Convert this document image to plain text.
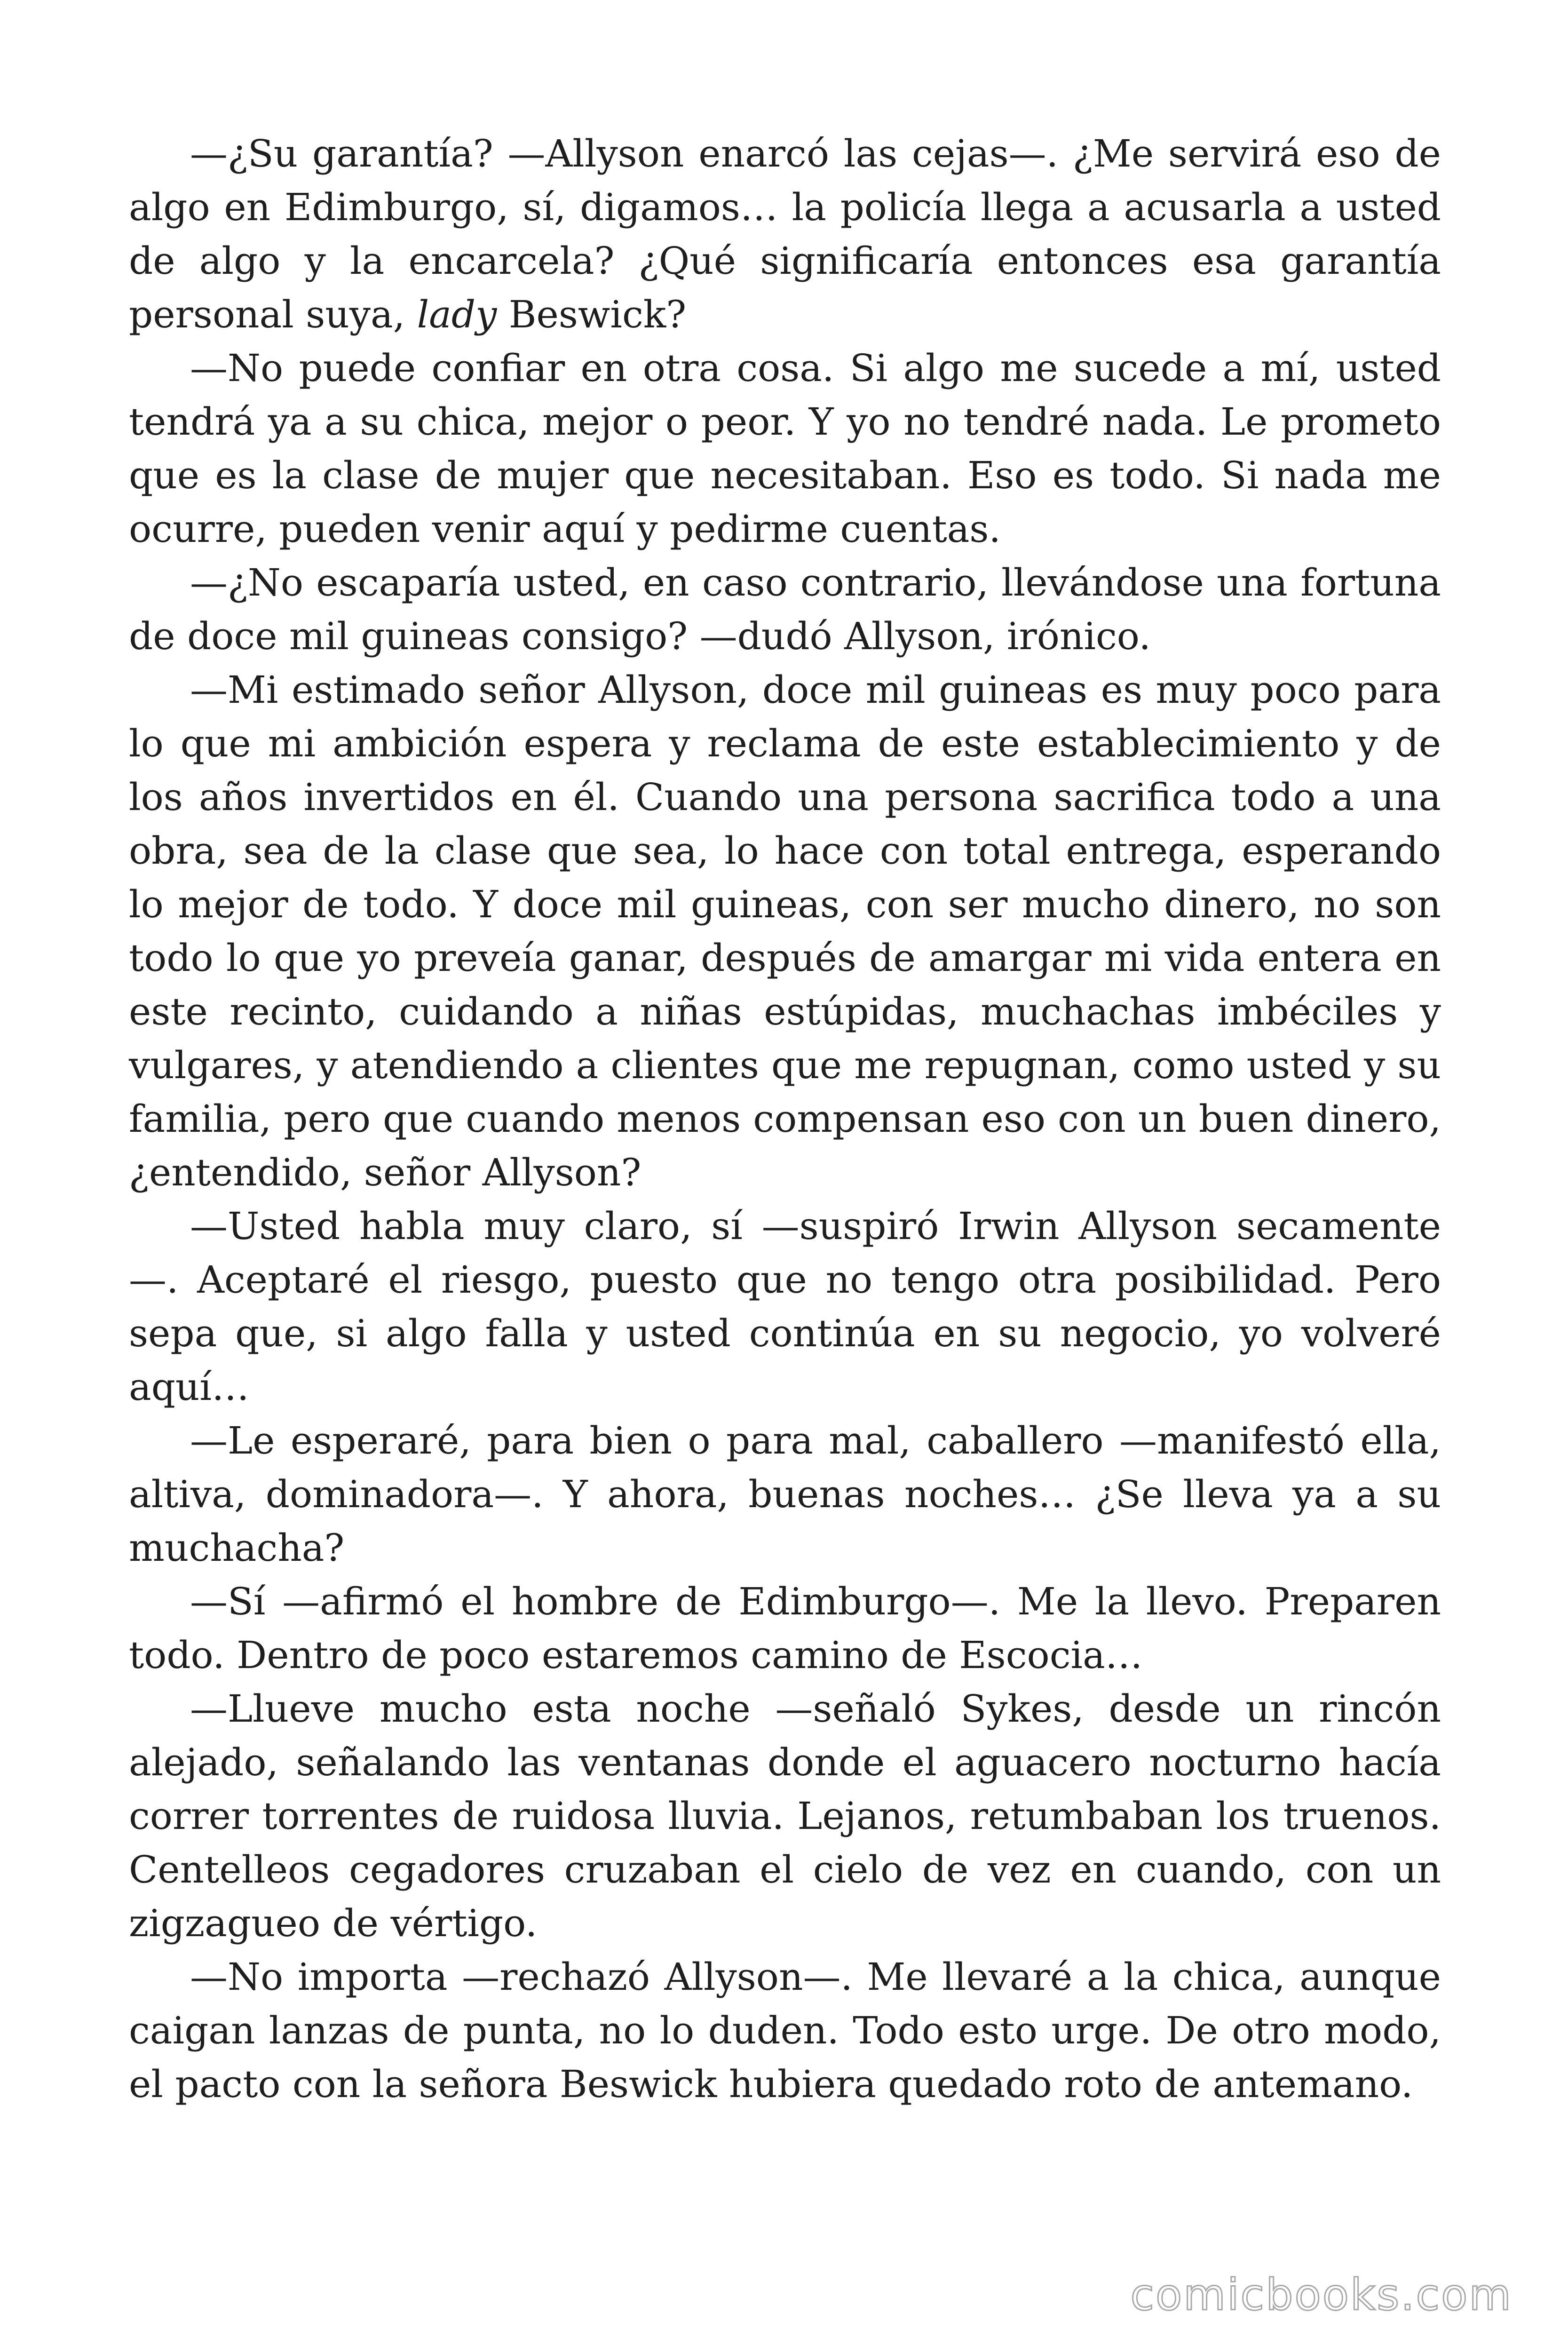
—¿Su garantía? —Allyson enarcó las cejas—. ¿Me servirá eso de algo en Edimburgo, sí, digamos… la policía llega a acusarla a usted de algo y la encarcela? ¿Qué significaría entonces esa garantía personal suya, lady Beswick?

—No puede confiar en otra cosa. Si algo me sucede a mí, usted tendrá ya a su chica, mejor o peor. Y yo no tendré nada. Le prometo que es la clase de mujer que necesitaban. Eso es todo. Si nada me ocurre, pueden venir aquí y pedirme cuentas.

—¿No escaparía usted, en caso contrario, llevándose una fortuna de doce mil guineas consigo? —dudó Allyson, irónico.

—Mi estimado señor Allyson, doce mil guineas es muy poco para lo que mi ambición espera y reclama de este establecimiento y de los años invertidos en él. Cuando una persona sacrifica todo a una obra, sea de la clase que sea, lo hace con total entrega, esperando lo mejor de todo. Y doce mil guineas, con ser mucho dinero, no son todo lo que yo preveía ganar, después de amargar mi vida entera en este recinto, cuidando a niñas estúpidas, muchachas imbéciles y vulgares, y atendiendo a clientes que me repugnan, como usted y su familia, pero que cuando menos compensan eso con un buen dinero, ¿entendido, señor Allyson?

—Usted habla muy claro, sí —suspiró Irwin Allyson secamente —. Aceptaré el riesgo, puesto que no tengo otra posibilidad. Pero sepa que, si algo falla y usted continúa en su negocio, yo volveré aquí…

—Le esperaré, para bien o para mal, caballero —manifestó ella, altiva, dominadora—. Y ahora, buenas noches… ¿Se lleva ya a su muchacha?

—Sí —afirmó el hombre de Edimburgo—. Me la llevo. Preparen todo. Dentro de poco estaremos camino de Escocia…

—Llueve mucho esta noche —señaló Sykes, desde un rincón alejado, señalando las ventanas donde el aguacero nocturno hacía correr torrentes de ruidosa lluvia. Lejanos, retumbaban los truenos. Centelleos cegadores cruzaban el cielo de vez en cuando, con un zigzagueo de vértigo.

—No importa —rechazó Allyson—. Me llevaré a la chica, aunque caigan lanzas de punta, no lo duden. Todo esto urge. De otro modo, el pacto con la señora Beswick hubiera quedado roto de antemano.

comicbooks.com
